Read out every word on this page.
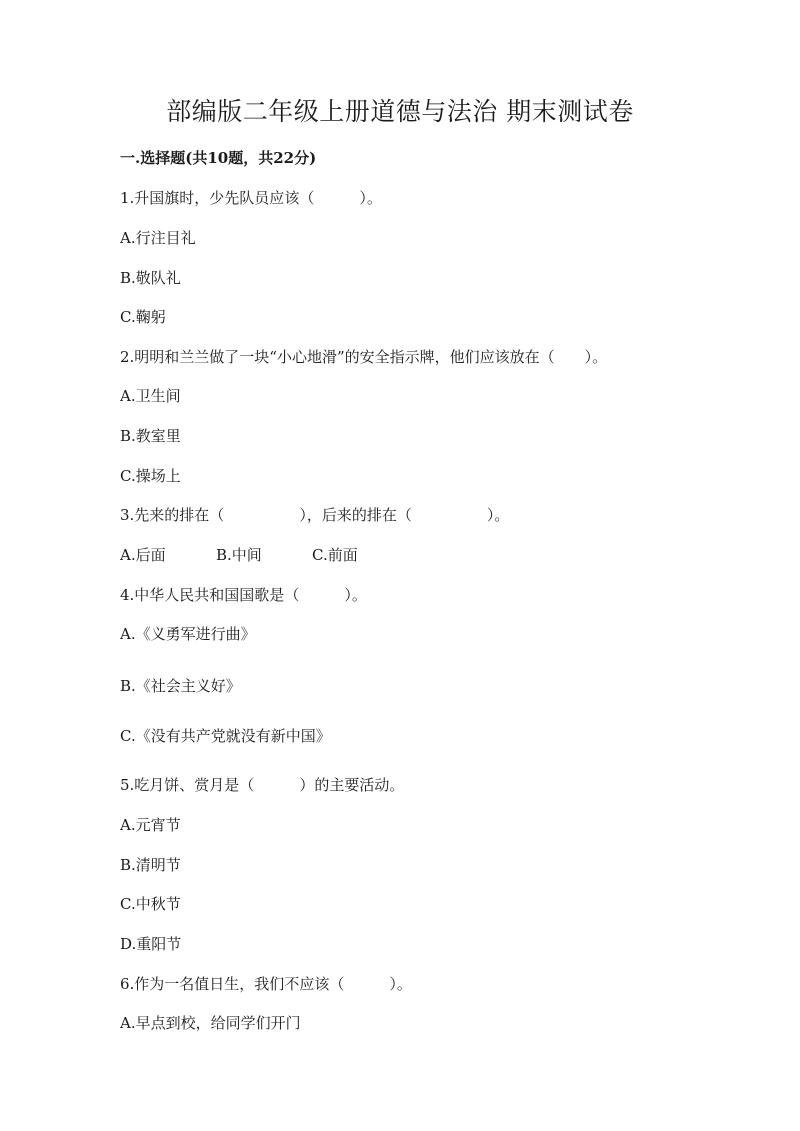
部编版二年级上册道德与法治 期末测试卷
一.选择题(共10题，共22分)
1.升国旗时，少先队员应该（　　　）。
A.行注目礼
B.敬队礼
C.鞠躬
2.明明和兰兰做了一块“小心地滑”的安全指示牌，他们应该放在（　　）。
A.卫生间
B.教室里
C.操场上
3.先来的排在（　　　　　），后来的排在（　　　　　）。
A.后面	B.中间	C.前面
4.中华人民共和国国歌是（　　　）。
A.《义勇军进行曲》
B.《社会主义好》
C.《没有共产党就没有新中国》
5.吃月饼、赏月是（　　　）的主要活动。
A.元宵节
B.清明节
C.中秋节
D.重阳节
6.作为一名值日生，我们不应该（　　　）。
A.早点到校，给同学们开门
